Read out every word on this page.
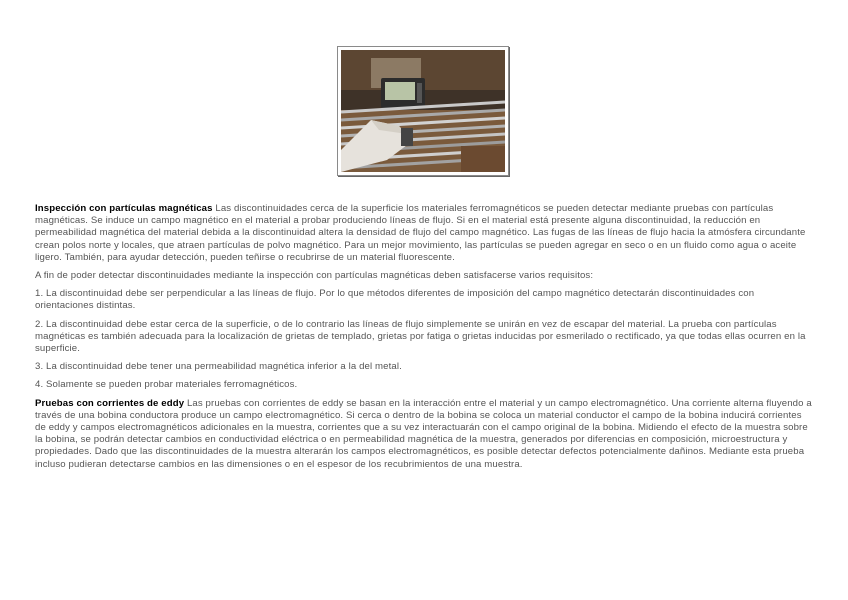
Inspección con partículas magnéticas Las discontinuidades cerca de la superficie los materiales ferromagnéticos se pueden detectar mediante pruebas con partículas magnéticas. Se induce un campo magnético en el material a probar produciendo líneas de flujo. Si en el material está presente alguna discontinuidad, la reducción en permeabilidad magnética del material debida a la discontinuidad altera la densidad de flujo del campo magnético. Las fugas de las líneas de flujo hacia la atmósfera circundante crean polos norte y locales, que atraen partículas de polvo magnético. Para un mejor movimiento, las partículas se pueden agregar en seco o en un fluido como agua o aceite ligero. También, para ayudar detección, pueden teñirse o recubrirse de un material fluorescente.

A fin de poder detectar discontinuidades mediante la inspección con partículas magnéticas deben satisfacerse varios requisitos:

1. La discontinuidad debe ser perpendicular a las líneas de flujo. Por lo que métodos diferentes de imposición del campo magnético detectarán discontinuidades con orientaciones distintas.

2. La discontinuidad debe estar cerca de la superficie, o de lo contrario las líneas de flujo simplemente se unirán en vez de escapar del material. La prueba con partículas magnéticas es también adecuada para la localización de grietas de templado, grietas por fatiga o grietas inducidas por esmerilado o rectificado, ya que todas ellas ocurren en la superficie.

3. La discontinuidad debe tener una permeabilidad magnética inferior a la del metal.

4. Solamente se pueden probar materiales ferromagnéticos.

Pruebas con corrientes de eddy Las pruebas con corrientes de eddy se basan en la interacción entre el material y un campo electromagnético. Una corriente alterna fluyendo a través de una bobina conductora produce un campo electromagnético. Si cerca o dentro de la bobina se coloca un material conductor el campo de la bobina inducirá corrientes de eddy y campos electromagnéticos adicionales en la muestra, corrientes que a su vez interactuarán con el campo original de la bobina. Midiendo el efecto de la muestra sobre la bobina, se podrán detectar cambios en conductividad eléctrica o en permeabilidad magnética de la muestra, generados por diferencias en composición, microestructura y propiedades. Dado que las discontinuidades de la muestra alterarán los campos electromagnéticos, es posible detectar defectos potencialmente dañinos. Mediante esta prueba incluso pudieran detectarse cambios en las dimensiones o en el espesor de los recubrimientos de una muestra.
